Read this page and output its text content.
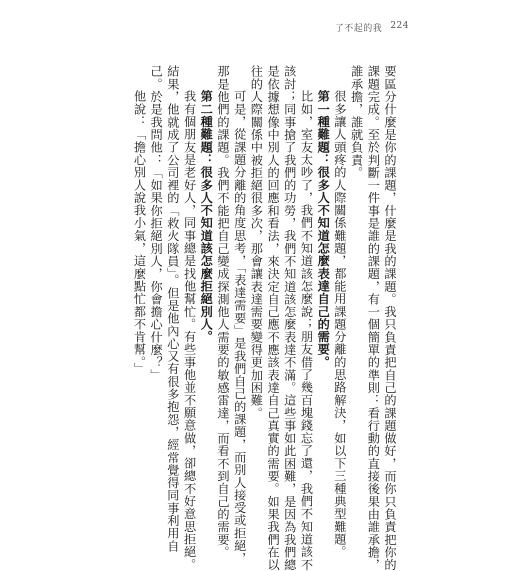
了不起的我 224
要區分什麼是你的課題，什麼是我的課題。我只負責把自己的課題做好，而你只負責把你的
課題完成。至於判斷一件事是誰的課題，有一個簡單的準則：看行動的直接後果由誰承擔，
誰承擔，誰就負責。
很多讓人頭疼的人際關係難題，都能用課題分離的思路解決，如以下三種典型難題。
第一種難題：很多人不知道怎麼表達自己的需要。
比如，室友太吵了，我們不知道該怎麼說；朋友借了幾百塊錢忘了還，我們不知道該不
該討；同事搶了我們的功勞，我們不知道該怎麼表達不滿。這些事如此困難，是因為我們總
是依據想像中別人的回應和看法，來決定自己應不應該表達自己真實的需要。如果我們在以
往的人際關係中被拒絕很多次，那會讓表達需要變得更加困難。
可是，從課題分離的角度思考，「表達需要」是我們自己的課題，而別人接受或拒絕，
那是他們的課題。我們不能把自己變成探測他人需要的敏感雷達，而看不到自己的需要。
第二種難題：很多人不知道該怎麼拒絕別人。
我有個朋友是老好人，同事總是找他幫忙。有些事他並不願意做，卻總不好意思拒絕。
結果，他就成了公司裡的「救火隊員」。但是他內心又有很多抱怨，經常覺得同事利用自
己。於是我問他：「如果你拒絕別人，你會擔心什麼？」
他說：「擔心別人說我小氣，這麼點忙都不肯幫。」
